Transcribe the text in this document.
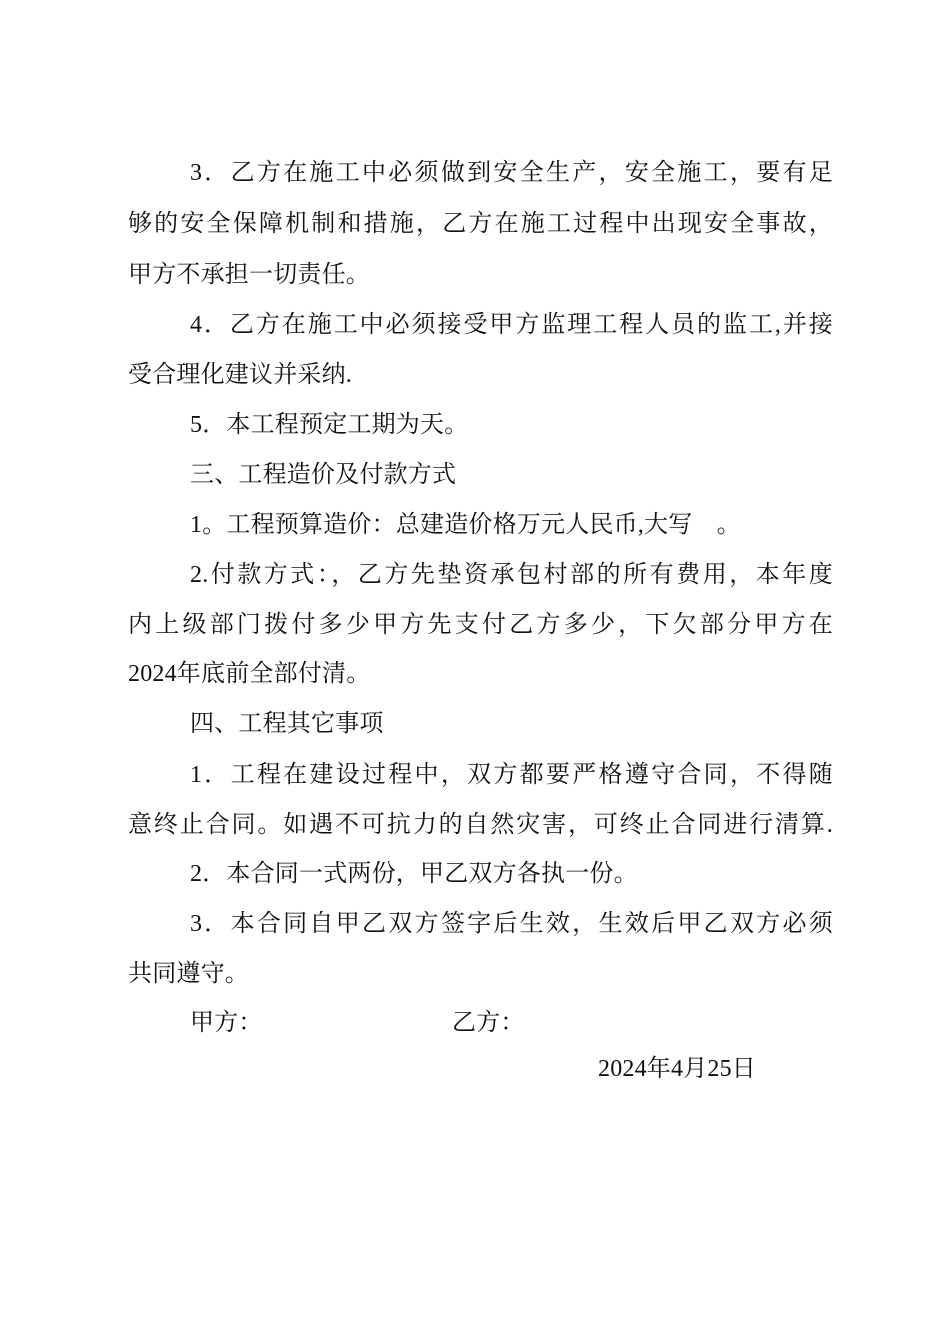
3．乙方在施工中必须做到安全生产，安全施工，要有足
够的安全保障机制和措施，乙方在施工过程中出现安全事故，
甲方不承担一切责任。
4．乙方在施工中必须接受甲方监理工程人员的监工,并接
受合理化建议并采纳.
5．本工程预定工期为天。
三、工程造价及付款方式
1。工程预算造价：总建造价格万元人民币,大写　。
2.付款方式：，乙方先垫资承包村部的所有费用，本年度
内上级部门拨付多少甲方先支付乙方多少，下欠部分甲方在
2024年底前全部付清。
四、工程其它事项
1．工程在建设过程中，双方都要严格遵守合同，不得随
意终止合同。如遇不可抗力的自然灾害，可终止合同进行清算.
2．本合同一式两份，甲乙双方各执一份。
3．本合同自甲乙双方签字后生效，生效后甲乙双方必须
共同遵守。
甲方：	乙方：
2024年4月25日
